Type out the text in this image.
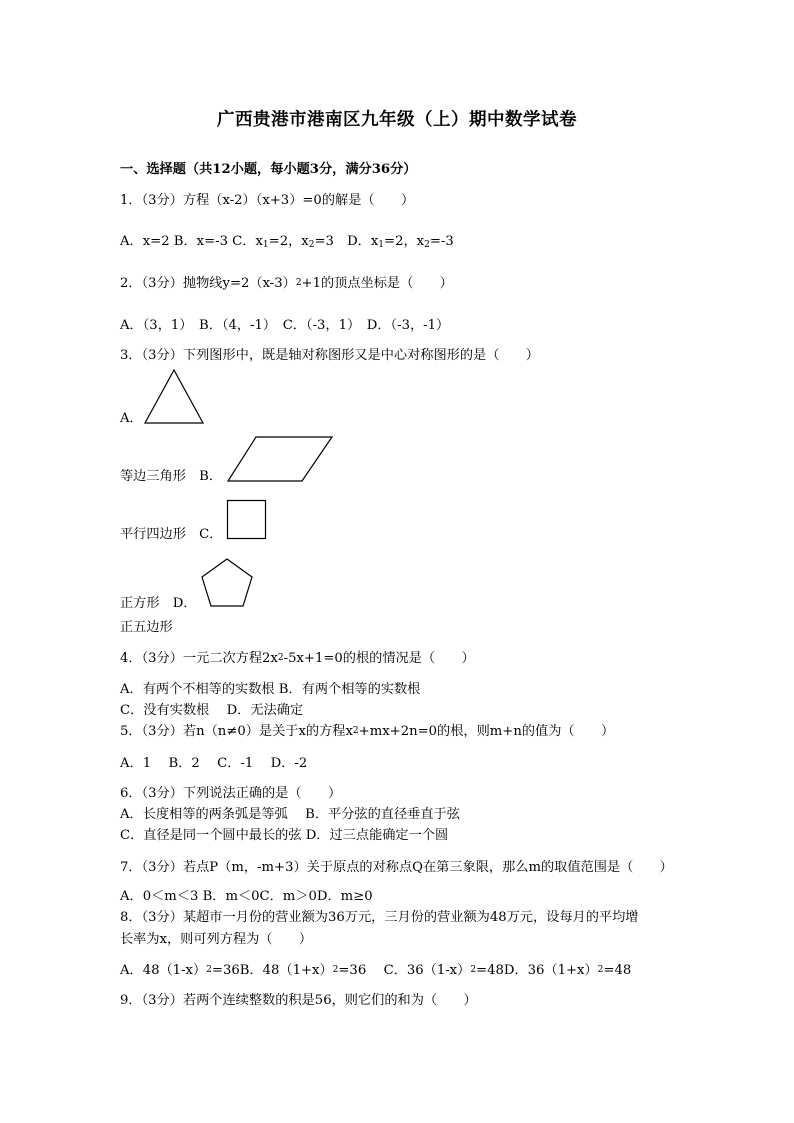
广西贵港市港南区九年级（上）期中数学试卷
一、选择题（共12小题，每小题3分，满分36分）
1．（3分）方程（x-2）（x+3）=0的解是（　　）
A．x=2 B．x=-3 C．$x_1=2$，$x_2=3$　D．$x_1=2$，$x_2=-3$
2．（3分）抛物线$y=2(x-3)^2+1$的顶点坐标是（　　）
A．（3，1）　B．（4，-1）　C．（-3，1）　D．（-3，-1）
3．（3分）下列图形中，既是轴对称图形又是中心对称图形的是（　　）
A．
等边三角形　B．
平行四边形　C．
正方形　D．
正五边形
4．（3分）一元二次方程$2x^2-5x+1=0$的根的情况是（　　）
A．有两个不相等的实数根 B．有两个相等的实数根
C．没有实数根　 D．无法确定
5．（3分）若n（n≠0）是关于x的方程$x^2+mx+2n=0$的根，则m+n的值为（　　）
A．1　 B．2　 C．-1　 D．-2
6．（3分）下列说法正确的是（　　）
A．长度相等的两条弧是等弧　 B．平分弦的直径垂直于弦
C．直径是同一个圆中最长的弦 D．过三点能确定一个圆
7．（3分）若点P（m，-m+3）关于原点的对称点Q在第三象限，那么m的取值范围是（　　）
A．0＜m＜3 B．m＜0C．m＞0D．m≥0
8．（3分）某超市一月份的营业额为36万元，三月份的营业额为48万元，设每月的平均增
长率为x，则可列方程为（　　）
A．$48(1-x)^2=36B$．$48(1+x)^2=36$　 C．$36(1-x)^2=48D$．$36(1+x)^2=48$
9．（3分）若两个连续整数的积是56，则它们的和为（　　）
